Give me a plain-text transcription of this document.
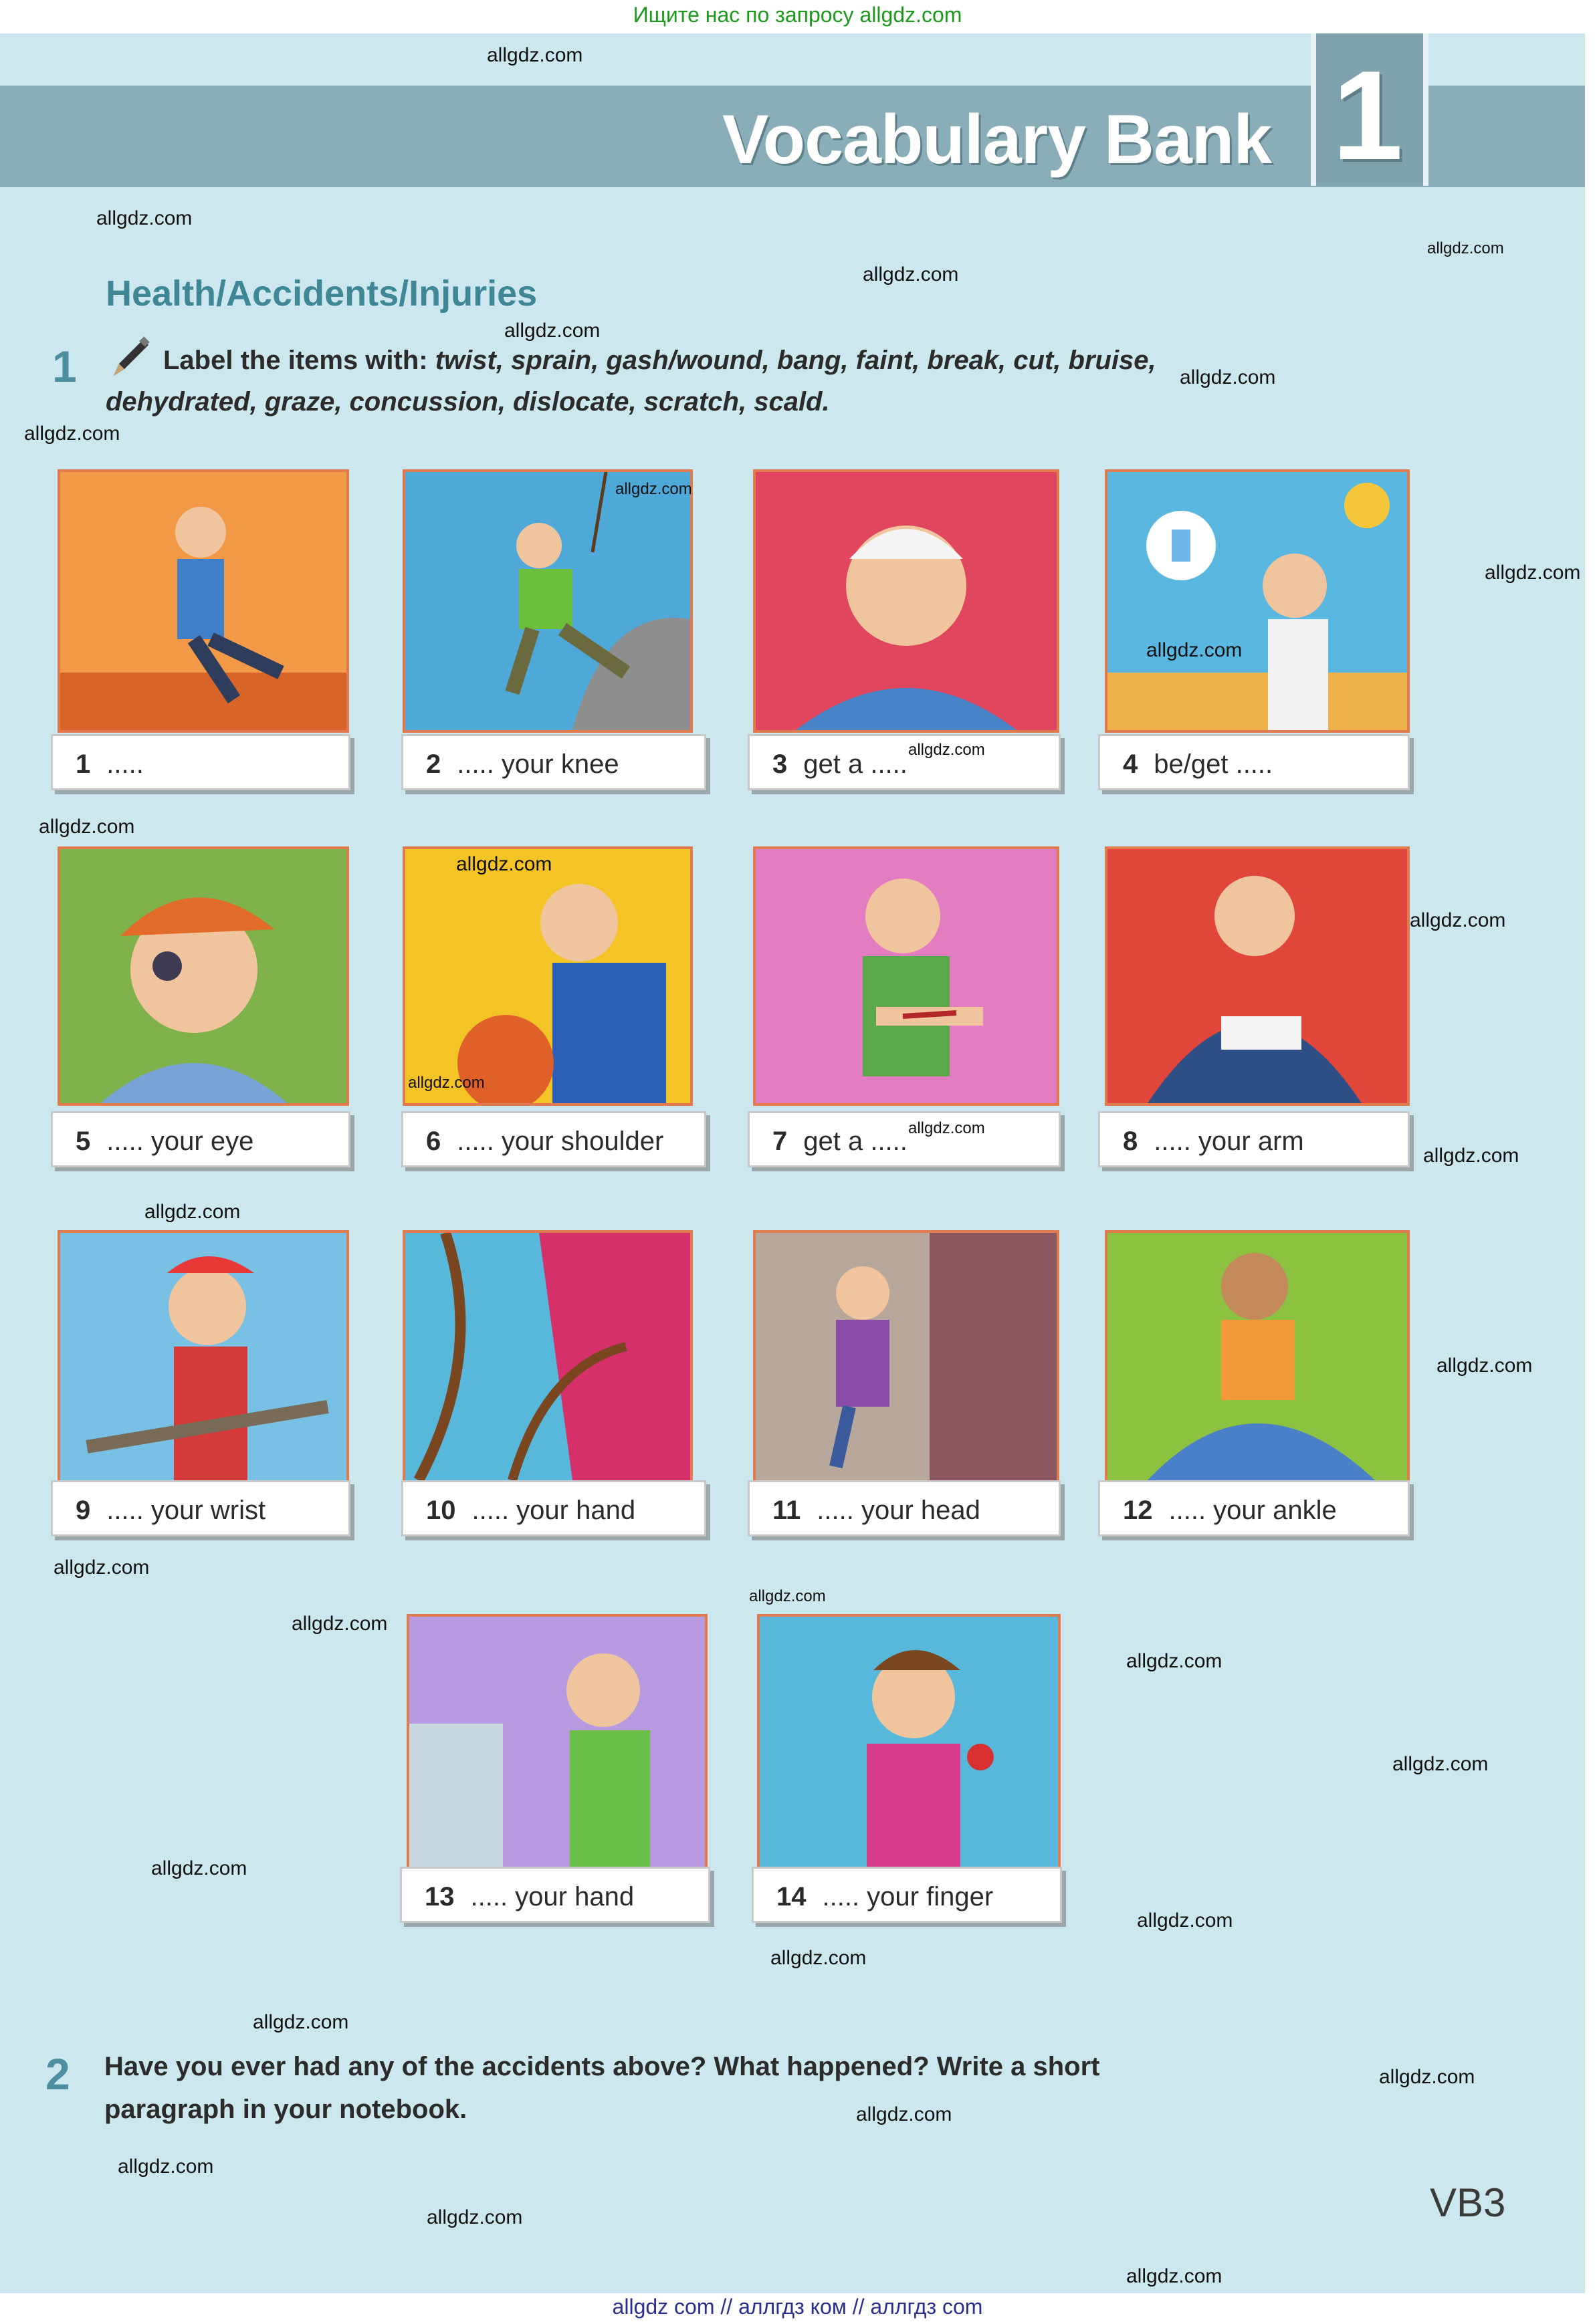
Ищите нас по запросу allgdz.com
Vocabulary Bank 1
Health/Accidents/Injuries
1	Label the items with: twist, sprain, gash/wound, bang, faint, break, cut, bruise,
dehydrated, graze, concussion, dislocate, scratch, scald.
1 .....	2 ..... your knee	3 get a .....	4 be/get .....
5 ..... your eye	6 ..... your shoulder	7 get a .....	8 ..... your arm
9 ..... your wrist	10 ..... your hand	11 ..... your head	12 ..... your ankle
13 ..... your hand	14 ..... your finger
2 Have you ever had any of the accidents above? What happened? Write a short
paragraph in your notebook.
VB3
allgdz.com
allgdz.com
allgdz.com
allgdz.com
allgdz.com
allgdz.com
allgdz.com
allgdz.com
allgdz.com
allgdz.com
allgdz.com
allgdz.com
allgdz.com
allgdz.com
allgdz.com
allgdz.com
allgdz.com
allgdz.com
allgdz.com
allgdz.com
allgdz.com
allgdz.com
allgdz.com
allgdz.com
allgdz.com
allgdz.com
allgdz.com
allgdz.com
allgdz.com
allgdz.com
allgdz.com
allgdz.com
allgdz.com
allgdz com // аллгдз ком // аллгдз com
